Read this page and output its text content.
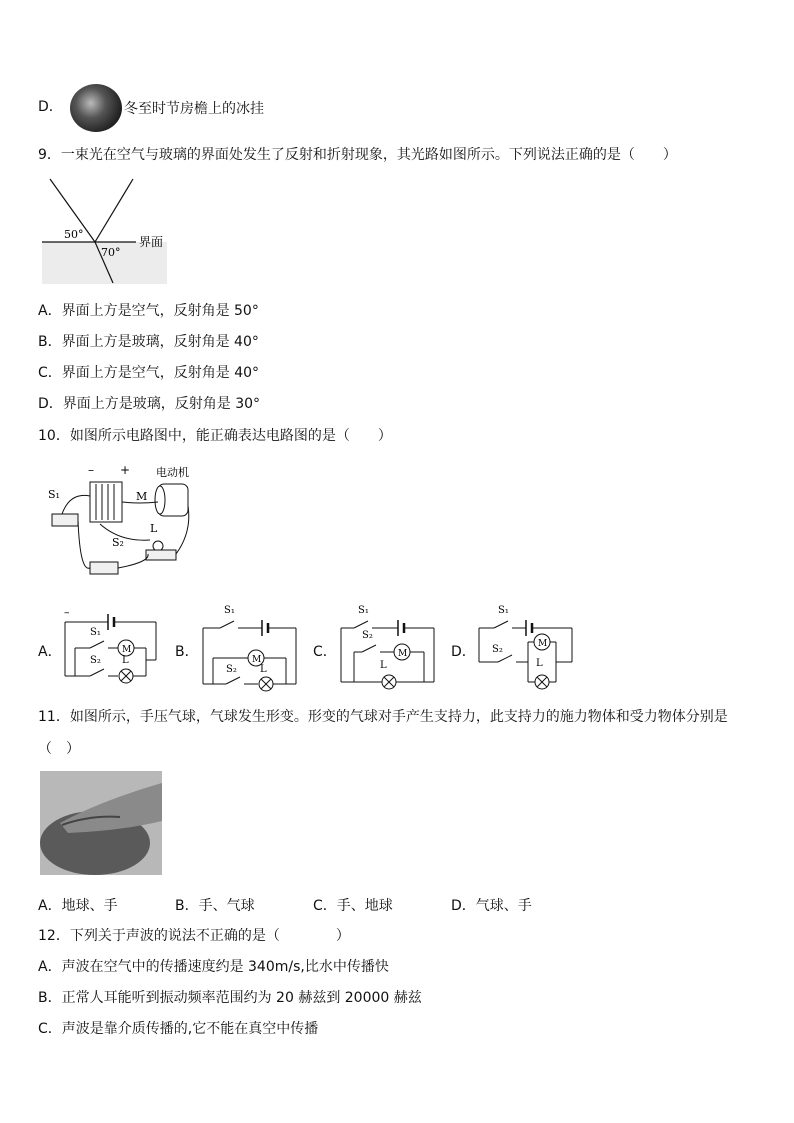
D．	冬至时节房檐上的冰挂
9．一束光在空气与玻璃的界面处发生了反射和折射现象，其光路如图所示。下列说法正确的是（　　）
50°
70°
界面
A．界面上方是空气，反射角是 50°
B．界面上方是玻璃，反射角是 40°
C．界面上方是空气，反射角是 40°
D．界面上方是玻璃，反射角是 30°
10．如图所示电路图中，能正确表达电路图的是（　　）
– + 电动机
M
S₁
L
S₂
A．
–
S₁
M
S₂ L
B．
S₁
M
S₂ L
C．
S₁
S₂
M
L
D．
S₁
S₂	M
L
11．如图所示，手压气球，气球发生形变。形变的气球对手产生支持力，此支持力的施力物体和受力物体分别是
（　）
A．地球、手	B．手、气球	C．手、地球	D．气球、手
12．下列关于声波的说法不正确的是（　　　　）
A．声波在空气中的传播速度约是 340m/s,比水中传播快
B．正常人耳能听到振动频率范围约为 20 赫兹到 20000 赫兹
C．声波是靠介质传播的,它不能在真空中传播
